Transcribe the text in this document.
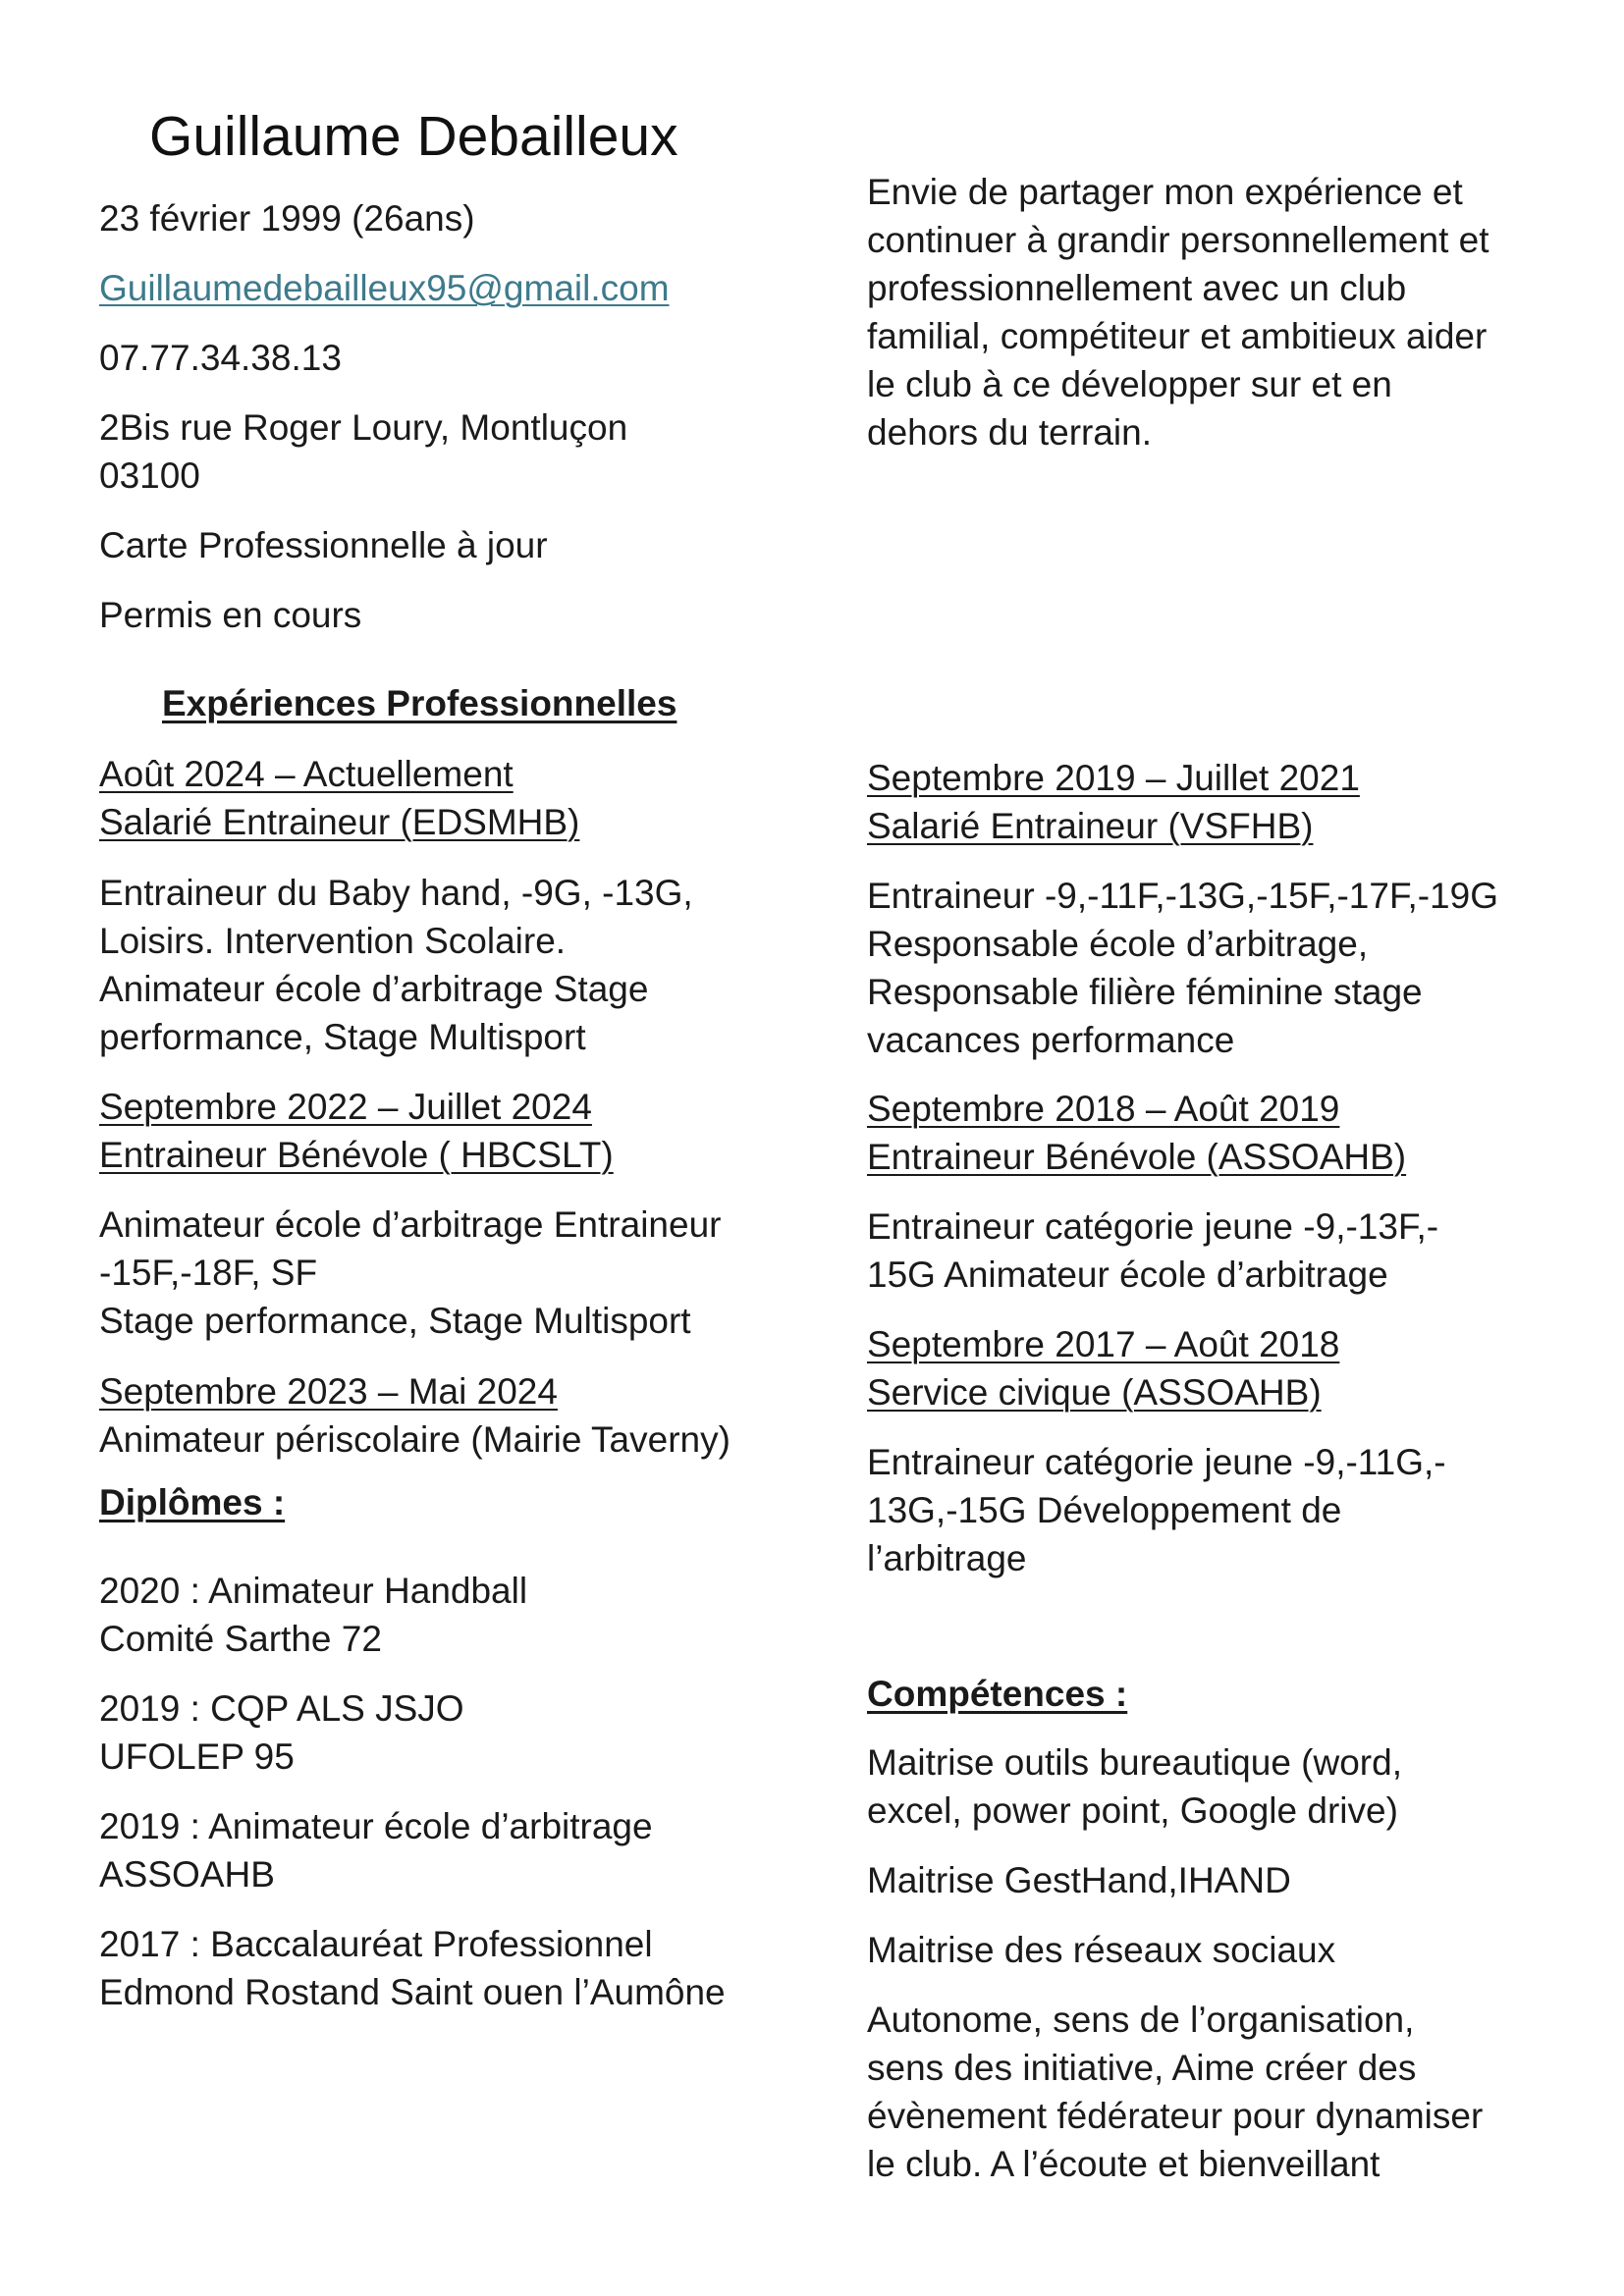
Guillaume Debailleux
23 février 1999 (26ans)
Guillaumedebailleux95@gmail.com
07.77.34.38.13
2Bis rue Roger Loury, Montluçon
03100
Carte Professionnelle à jour
Permis en cours
Envie de partager mon expérience et
continuer à grandir personnellement et
professionnellement avec un club
familial, compétiteur et ambitieux aider
le club à ce développer sur et en
dehors du terrain.
Expériences Professionnelles
Août 2024 – Actuellement
Salarié Entraineur (EDSMHB)
Entraineur du Baby hand, -9G, -13G,
Loisirs. Intervention Scolaire.
Animateur école d’arbitrage Stage
performance, Stage Multisport
Septembre 2022 – Juillet 2024
Entraineur Bénévole ( HBCSLT)
Animateur école d’arbitrage Entraineur
-15F,-18F, SF
Stage performance, Stage Multisport
Septembre 2023 – Mai 2024
Animateur périscolaire (Mairie Taverny)
Diplômes :
2020 : Animateur Handball
Comité Sarthe 72
2019 : CQP ALS JSJO
UFOLEP 95
2019 : Animateur école d’arbitrage
ASSOAHB
2017 : Baccalauréat Professionnel
Edmond Rostand Saint ouen l’Aumône
Septembre 2019 – Juillet 2021
Salarié Entraineur (VSFHB)
Entraineur -9,-11F,-13G,-15F,-17F,-19G
Responsable école d’arbitrage,
Responsable filière féminine stage
vacances performance
Septembre 2018 – Août 2019
Entraineur Bénévole (ASSOAHB)
Entraineur catégorie jeune -9,-13F,-
15G Animateur école d’arbitrage
Septembre 2017 – Août 2018
Service civique (ASSOAHB)
Entraineur catégorie jeune -9,-11G,-
13G,-15G Développement de
l’arbitrage
Compétences :
Maitrise outils bureautique (word,
excel, power point, Google drive)
Maitrise GestHand,IHAND
Maitrise des réseaux sociaux
Autonome, sens de l’organisation,
sens des initiative, Aime créer des
évènement fédérateur pour dynamiser
le club. A l’écoute et bienveillant
